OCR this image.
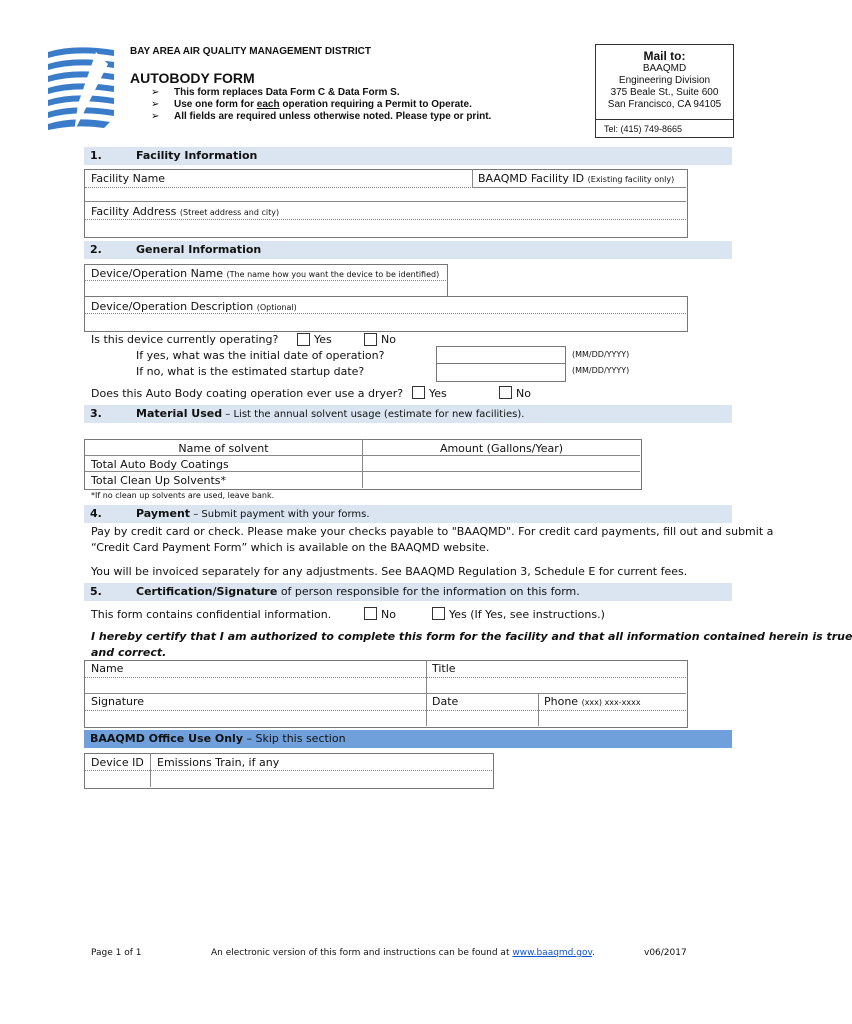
BAY AREA AIR QUALITY MANAGEMENT DISTRICT
AUTOBODY FORM
➢ This form replaces Data Form C & Data Form S.
➢ Use one form for each operation requiring a Permit to Operate.
➢ All fields are required unless otherwise noted. Please type or print.
Mail to:
BAAQMD
Engineering Division
375 Beale St., Suite 600
San Francisco, CA 94105
Tel: (415) 749-8665
1.	Facility Information
Facility Name	BAAQMD Facility ID (Existing facility only)
Facility Address (Street address and city)
2.	General Information
Device/Operation Name (The name how you want the device to be identified)
Device/Operation Description (Optional)
Is this device currently operating?	Yes	No
If yes, what was the initial date of operation?
If no, what is the estimated startup date?
(MM/DD/YYYY)
(MM/DD/YYYY)
Does this Auto Body coating operation ever use a dryer? Yes	No
3.	Material Used – List the annual solvent usage (estimate for new facilities).
Name of solvent	Amount (Gallons/Year)
Total Auto Body Coatings
Total Clean Up Solvents*
*If no clean up solvents are used, leave bank.
4.	Payment – Submit payment with your forms.
Pay by credit card or check. Please make your checks payable to "BAAQMD". For credit card payments, fill out and submit a
“Credit Card Payment Form” which is available on the BAAQMD website.
You will be invoiced separately for any adjustments. See BAAQMD Regulation 3, Schedule E for current fees.
5.	Certification/Signature of person responsible for the information on this form.
This form contains confidential information.	No	Yes (If Yes, see instructions.)
I hereby certify that I am authorized to complete this form for the facility and that all information contained herein is true
and correct.
Name	Title
Signature	Date	Phone (xxx) xxx-xxxx
BAAQMD Office Use Only – Skip this section
Device ID Emissions Train, if any
Page 1 of 1	An electronic version of this form and instructions can be found at www.baaqmd.gov.	v06/2017
